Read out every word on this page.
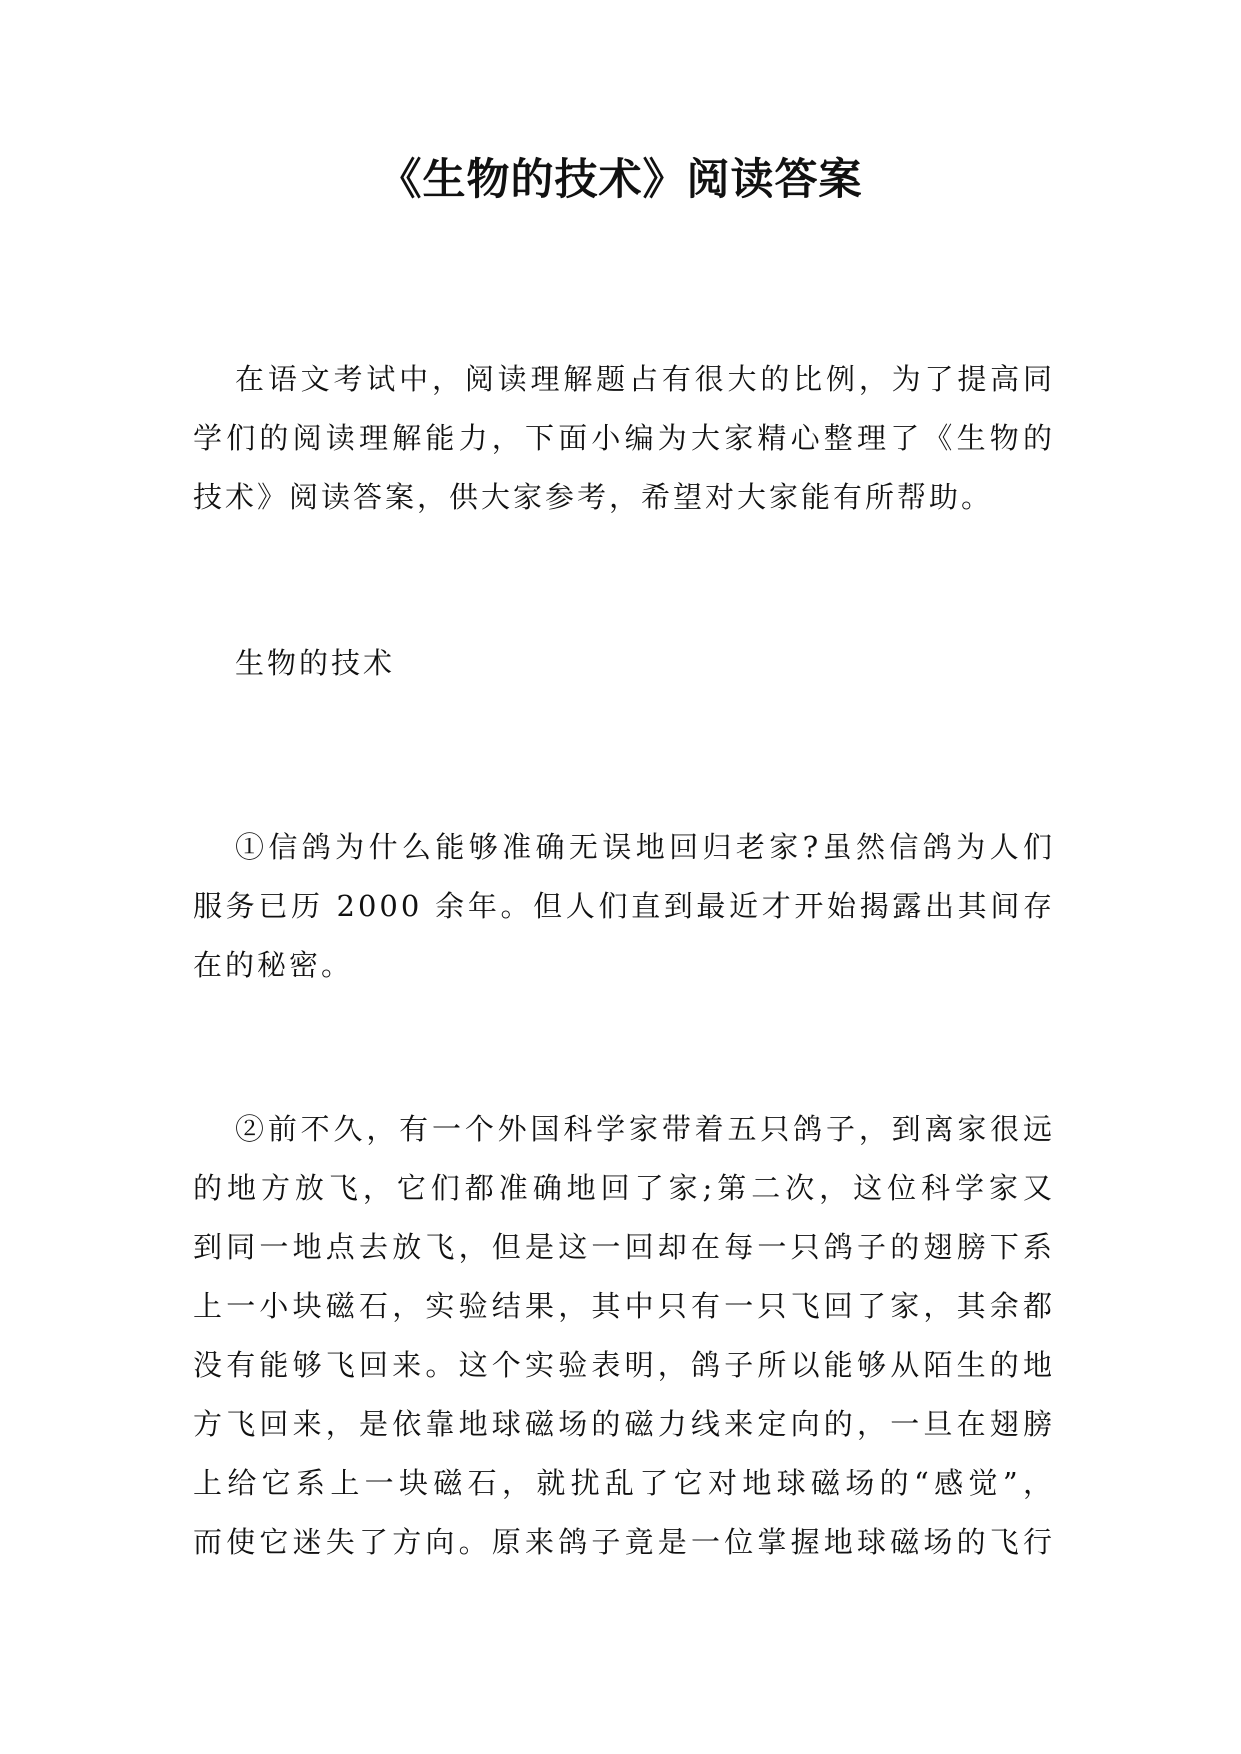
《生物的技术》阅读答案
在语文考试中，阅读理解题占有很大的比例，为了提高同
学们的阅读理解能力，下面小编为大家精心整理了《生物的
技术》阅读答案，供大家参考，希望对大家能有所帮助。
生物的技术
①信鸽为什么能够准确无误地回归老家?虽然信鸽为人们
服务已历 2000 余年。但人们直到最近才开始揭露出其间存
在的秘密。
②前不久，有一个外国科学家带着五只鸽子，到离家很远
的地方放飞，它们都准确地回了家;第二次，这位科学家又
到同一地点去放飞，但是这一回却在每一只鸽子的翅膀下系
上一小块磁石，实验结果，其中只有一只飞回了家，其余都
没有能够飞回来。这个实验表明，鸽子所以能够从陌生的地
方飞回来，是依靠地球磁场的磁力线来定向的，一旦在翅膀
上给它系上一块磁石，就扰乱了它对地球磁场的“感觉”，
而使它迷失了方向。原来鸽子竟是一位掌握地球磁场的飞行
